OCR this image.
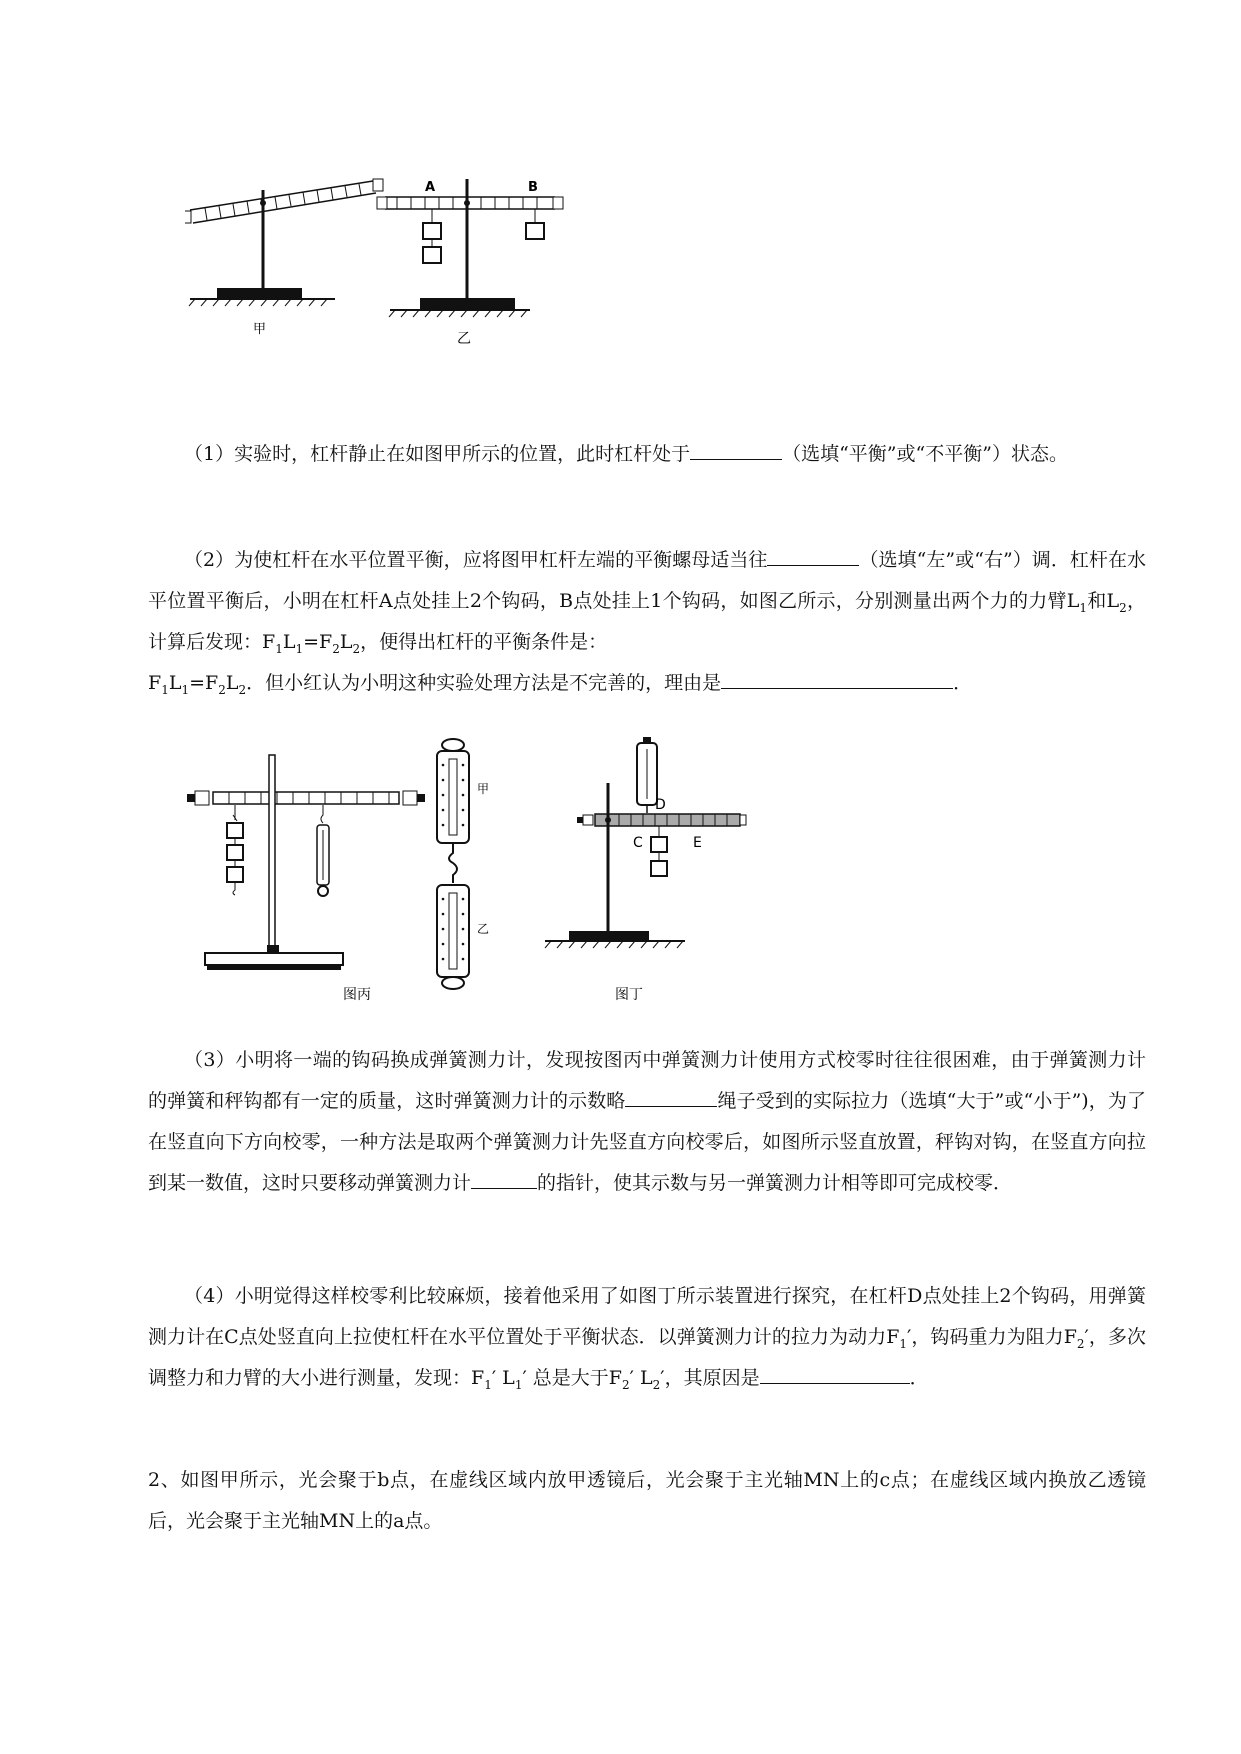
甲
A	B
乙
（1）实验时，杠杆静止在如图甲所示的位置，此时杠杆处于	（选填“平衡”或“不平衡”）状态。
（2）为使杠杆在水平位置平衡，应将图甲杠杆左端的平衡螺母适当往	（选填“左”或“右”）调．杠杆在水平位置平衡后，小明在杠杆A点处挂上2个钩码，B点处挂上1个钩码，如图乙所示，分别测量出两个力的力臂$L_1$和$L_2$，计算后发现：$F_1L_1=F_2L_2$，便得出杠杆的平衡条件是：
$F_1L_1=F_2L_2$．但小红认为小明这种实验处理方法是不完善的，理由是	．
图丙
甲
乙
D
C	E
图丁
（3）小明将一端的钩码换成弹簧测力计，发现按图丙中弹簧测力计使用方式校零时往往很困难，由于弹簧测力计的弹簧和秤钩都有一定的质量，这时弹簧测力计的示数略	绳子受到的实际拉力（选填“大于”或“小于”)，为了在竖直向下方向校零，一种方法是取两个弹簧测力计先竖直方向校零后，如图所示竖直放置，秤钩对钩，在竖直方向拉到某一数值，这时只要移动弹簧测力计	的指针，使其示数与另一弹簧测力计相等即可完成校零．
（4）小明觉得这样校零利比较麻烦，接着他采用了如图丁所示装置进行探究，在杠杆D点处挂上2个钩码，用弹簧测力计在C点处竖直向上拉使杠杆在水平位置处于平衡状态．以弹簧测力计的拉力为动力$F_1'$，钩码重力为阻力$F_2'$，多次调整力和力臂的大小进行测量，发现：$F_1'$ $L_1'$ 总是大于$F_2'$ $L_2'$，其原因是	．
2、如图甲所示，光会聚于b点，在虚线区域内放甲透镜后，光会聚于主光轴MN上的c点；在虚线区域内换放乙透镜后，光会聚于主光轴MN上的a点。
